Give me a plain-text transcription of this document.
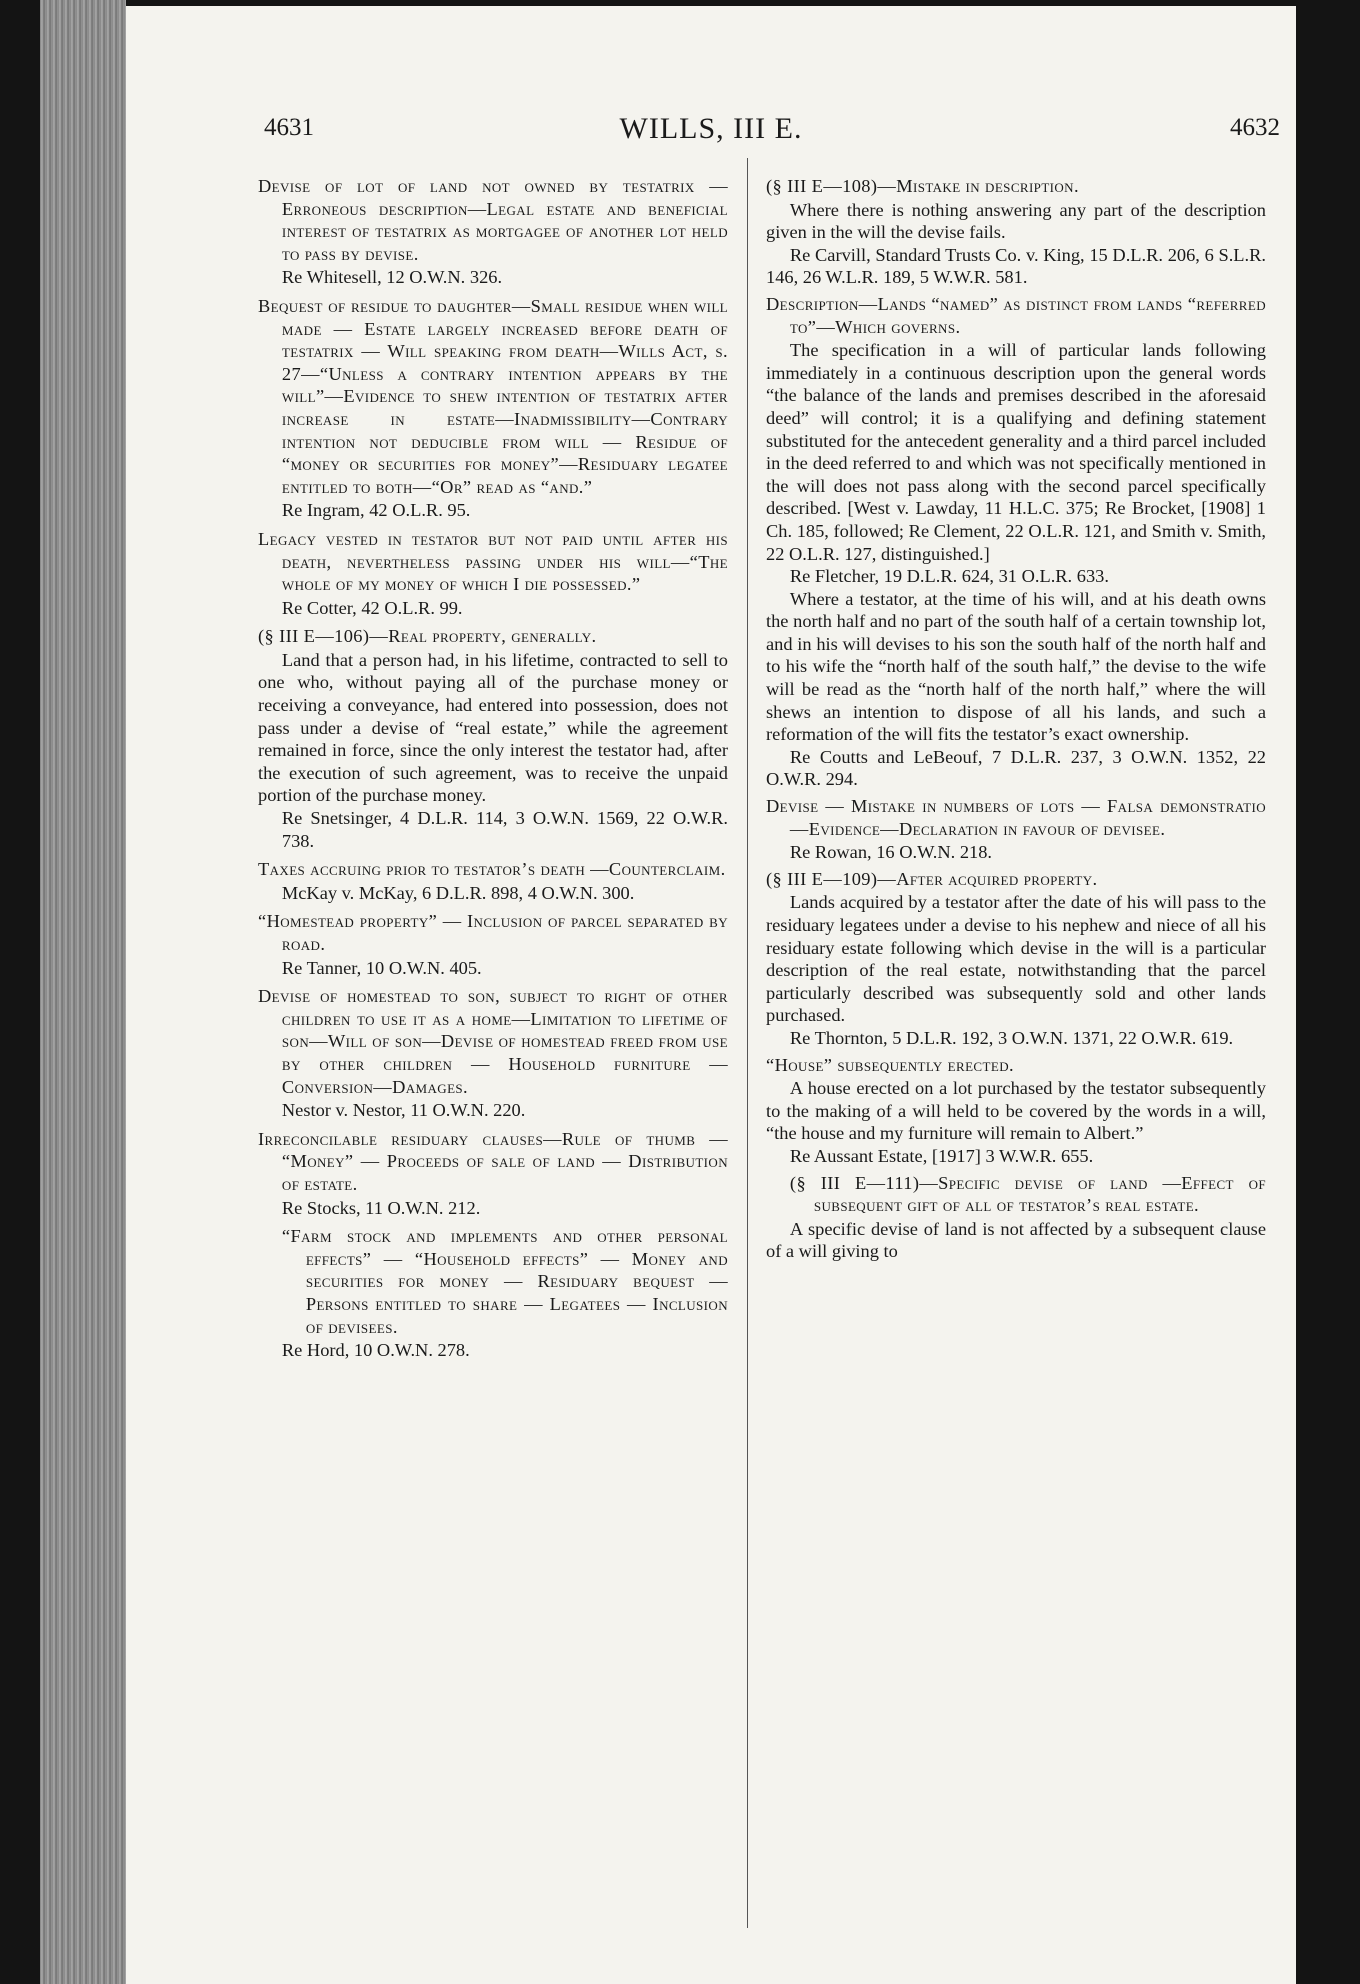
4631	WILLS, III E.	4632

Devise of lot of land not owned by testatrix — Erroneous description—Legal estate and beneficial interest of testatrix as mortgagee of another lot held to pass by devise.

Re Whitesell, 12 O.W.N. 326.

Bequest of residue to daughter—Small residue when will made — Estate largely increased before death of testatrix — Will speaking from death—Wills Act, s. 27—“Unless a contrary intention appears by the will”—Evidence to shew intention of testatrix after increase in estate—Inadmissibility—Contrary intention not deducible from will — Residue of “money or securities for money”—Residuary legatee entitled to both—“Or” read as “and.”

Re Ingram, 42 O.L.R. 95.

Legacy vested in testator but not paid until after his death, nevertheless passing under his will—“The whole of my money of which I die possessed.”

Re Cotter, 42 O.L.R. 99.

(§ III E—106)—Real property, generally.

Land that a person had, in his lifetime, contracted to sell to one who, without paying all of the purchase money or receiving a conveyance, had entered into possession, does not pass under a devise of “real estate,” while the agreement remained in force, since the only interest the testator had, after the execution of such agreement, was to receive the unpaid portion of the purchase money.

Re Snetsinger, 4 D.L.R. 114, 3 O.W.N. 1569, 22 O.W.R. 738.

Taxes accruing prior to testator’s death —Counterclaim.

McKay v. McKay, 6 D.L.R. 898, 4 O.W.N. 300.

“Homestead property” — Inclusion of parcel separated by road.

Re Tanner, 10 O.W.N. 405.

Devise of homestead to son, subject to right of other children to use it as a home—Limitation to lifetime of son—Will of son—Devise of homestead freed from use by other children — Household furniture — Conversion—Damages.

Nestor v. Nestor, 11 O.W.N. 220.

Irreconcilable residuary clauses—Rule of thumb — “Money” — Proceeds of sale of land — Distribution of estate.

Re Stocks, 11 O.W.N. 212.

“Farm stock and implements and other personal effects” — “Household effects” — Money and securities for money — Residuary bequest — Persons entitled to share — Legatees — Inclusion of devisees.

Re Hord, 10 O.W.N. 278.

(§ III E—108)—Mistake in description.

Where there is nothing answering any part of the description given in the will the devise fails.

Re Carvill, Standard Trusts Co. v. King, 15 D.L.R. 206, 6 S.L.R. 146, 26 W.L.R. 189, 5 W.W.R. 581.

Description—Lands “named” as distinct from lands “referred to”—Which governs.

The specification in a will of particular lands following immediately in a continuous description upon the general words “the balance of the lands and premises described in the aforesaid deed” will control; it is a qualifying and defining statement substituted for the antecedent generality and a third parcel included in the deed referred to and which was not specifically mentioned in the will does not pass along with the second parcel specifically described. [West v. Lawday, 11 H.L.C. 375; Re Brocket, [1908] 1 Ch. 185, followed; Re Clement, 22 O.L.R. 121, and Smith v. Smith, 22 O.L.R. 127, distinguished.]

Re Fletcher, 19 D.L.R. 624, 31 O.L.R. 633.

Where a testator, at the time of his will, and at his death owns the north half and no part of the south half of a certain township lot, and in his will devises to his son the south half of the north half and to his wife the “north half of the south half,” the devise to the wife will be read as the “north half of the north half,” where the will shews an intention to dispose of all his lands, and such a reformation of the will fits the testator’s exact ownership.

Re Coutts and LeBeouf, 7 D.L.R. 237, 3 O.W.N. 1352, 22 O.W.R. 294.

Devise — Mistake in numbers of lots — Falsa demonstratio—Evidence—Declaration in favour of devisee.

Re Rowan, 16 O.W.N. 218.

(§ III E—109)—After acquired property.

Lands acquired by a testator after the date of his will pass to the residuary legatees under a devise to his nephew and niece of all his residuary estate following which devise in the will is a particular description of the real estate, notwithstanding that the parcel particularly described was subsequently sold and other lands purchased.

Re Thornton, 5 D.L.R. 192, 3 O.W.N. 1371, 22 O.W.R. 619.

“House” subsequently erected.

A house erected on a lot purchased by the testator subsequently to the making of a will held to be covered by the words in a will, “the house and my furniture will remain to Albert.”

Re Aussant Estate, [1917] 3 W.W.R. 655.

(§ III E—111)—Specific devise of land —Effect of subsequent gift of all of testator’s real estate.

A specific devise of land is not affected by a subsequent clause of a will giving to
